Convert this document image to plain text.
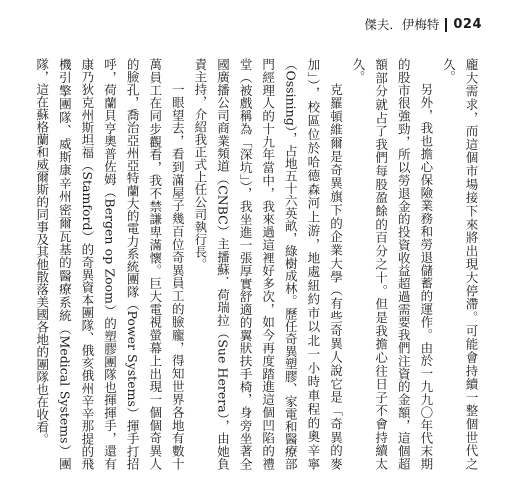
傑夫．伊梅特 024

龐大需求，而這個市場接下來將出現大停滯。可能會持續一整個世代之久。

另外，我也擔心保險業務和勞退儲蓄的運作。由於一九九〇年代末期的股市很強勁，所以勞退金的投資收益超過需要我們注資的金額，這個超額部分就占了我們每股盈餘的百分之十。但是我擔心往日子不會持續太久。

克羅頓維爾是奇異旗下的企業大學（有些奇異人說它是「奇異的麥加」），校區位於哈德森河上游，地處紐約市以北一小時車程的奧辛寧（Ossining），占地五十六英畝，綠樹成林。歷任奇異塑膠、家電和醫療部門經理人的十九年當中，我來過這裡好多次，如今再度踏進這個凹陷的禮堂（被戲稱為「深坑」），我坐進一張厚實舒適的翼狀扶手椅，身旁坐著全國廣播公司商業頻道（CNBC）主播蘇．荷瑞拉（Sue Herera），由她負責主持，介紹我正式上任公司執行長。

一眼望去，看到滿屋子幾百位奇異員工的臉龐，得知世界各地有數十萬員工在同步觀看，我不禁謙卑滿懷。巨大電視螢幕上出現一個個奇異人的臉孔，喬治亞州亞特蘭大的電力系統團隊（Power Systems）揮手打招呼，荷蘭貝亨奧普佐姆（Bergen op Zoom）的塑膠團隊也揮揮手，還有康乃狄克州斯坦福（Stamford）的奇異資本團隊、俄亥俄州辛辛那提的飛機引擎團隊、威斯康辛州密爾瓦基的醫療系統（Medical Systems）團隊，這在蘇格蘭和威爾斯的同事及其他散落美國各地的團隊也在收看。
